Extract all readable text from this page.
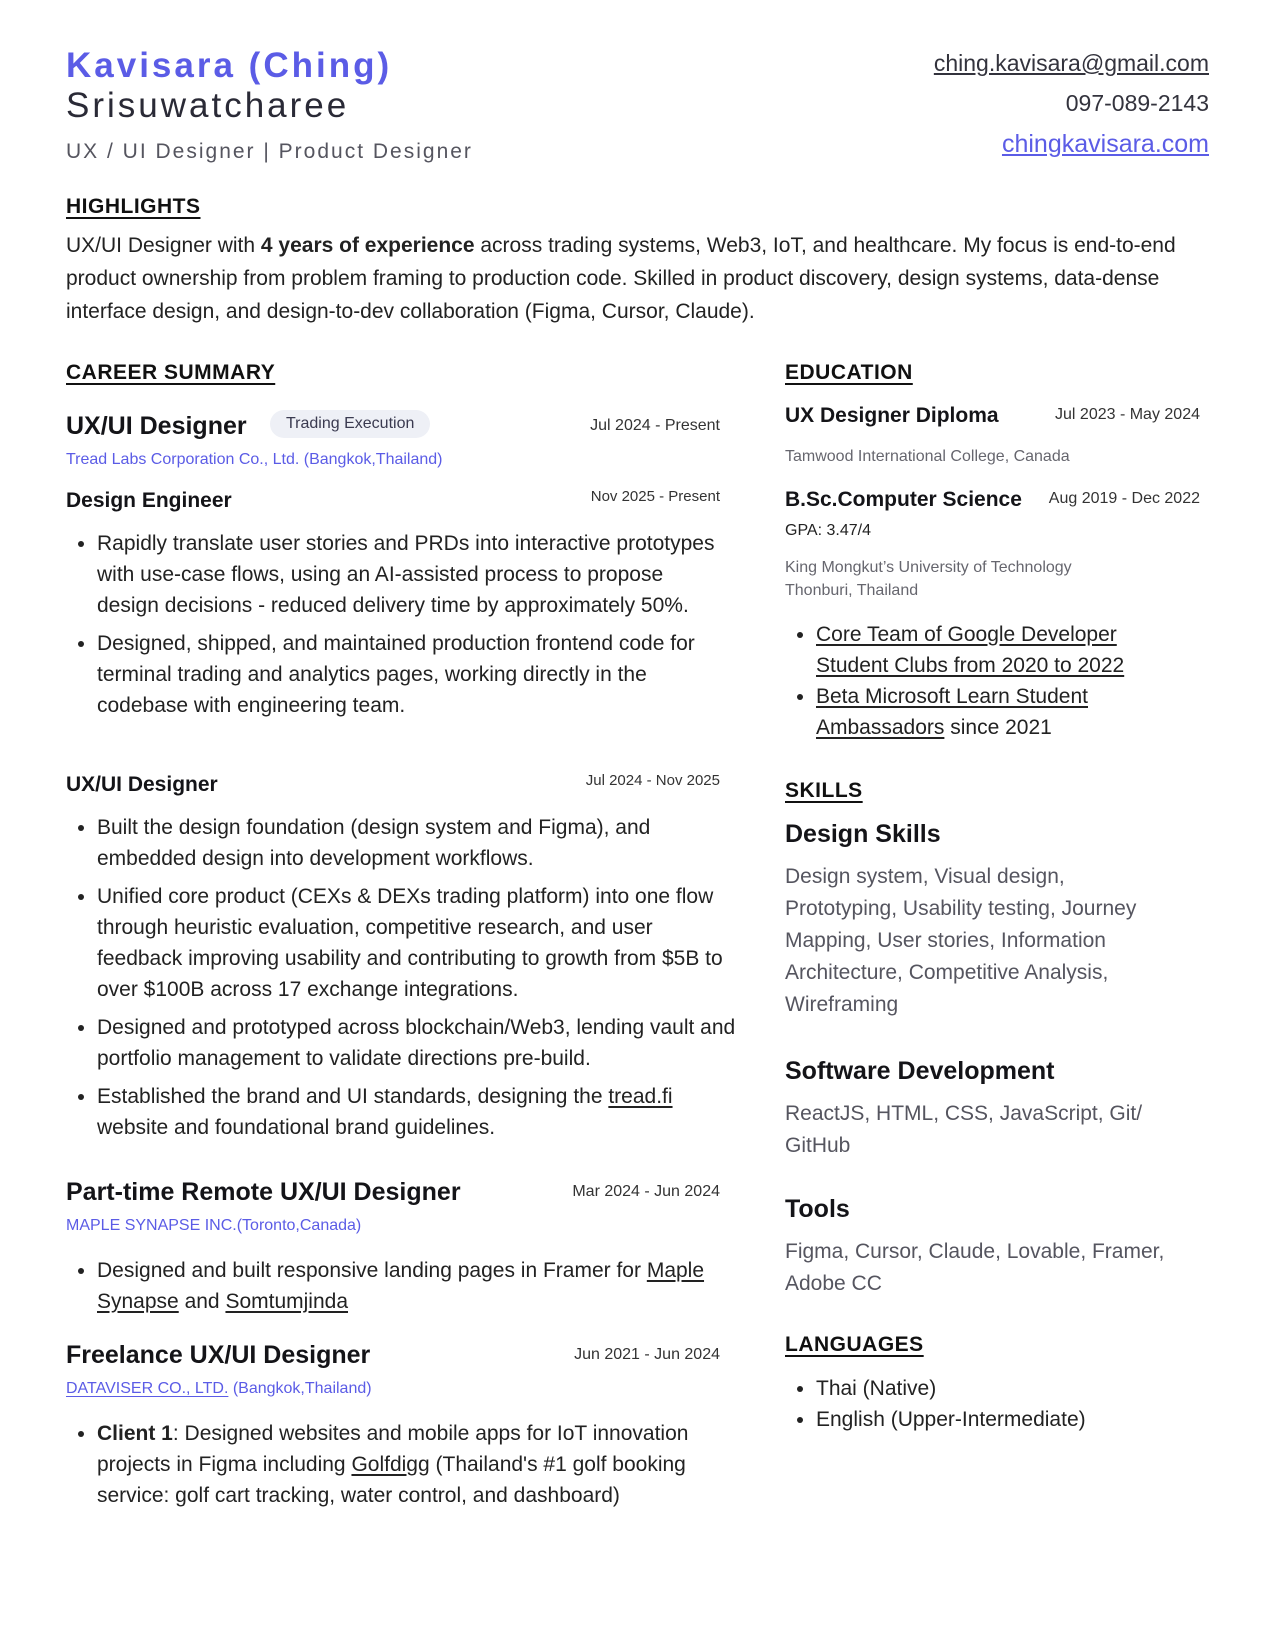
Kavisara (Ching)
Srisuwatcharee
UX / UI Designer | Product Designer
ching.kavisara@gmail.com
097-089-2143
chingkavisara.com
HIGHLIGHTS
UX/UI Designer with 4 years of experience across trading systems, Web3, IoT, and healthcare. My focus is end-to-end product ownership from problem framing to production code. Skilled in product discovery, design systems, data-dense interface design, and design-to-dev collaboration (Figma, Cursor, Claude).
CAREER SUMMARY
UX/UI Designer	Trading Execution	Jul 2024 - Present
Tread Labs Corporation Co., Ltd. (Bangkok,Thailand)
Design Engineer	Nov 2025 - Present
• Rapidly translate user stories and PRDs into interactive prototypes with use-case flows, using an AI-assisted process to propose design decisions - reduced delivery time by approximately 50%.
• Designed, shipped, and maintained production frontend code for terminal trading and analytics pages, working directly in the codebase with engineering team.
UX/UI Designer	Jul 2024 - Nov 2025
• Built the design foundation (design system and Figma), and embedded design into development workflows.
• Unified core product (CEXs & DEXs trading platform) into one flow through heuristic evaluation, competitive research, and user feedback improving usability and contributing to growth from $5B to over $100B across 17 exchange integrations.
• Designed and prototyped across blockchain/Web3, lending vault and portfolio management to validate directions pre-build.
• Established the brand and UI standards, designing the tread.fi website and foundational brand guidelines.
Part-time Remote UX/UI Designer	Mar 2024 - Jun 2024
MAPLE SYNAPSE INC.(Toronto,Canada)
• Designed and built responsive landing pages in Framer for Maple Synapse and Somtumjinda
Freelance UX/UI Designer	Jun 2021 - Jun 2024
DATAVISER CO., LTD. (Bangkok,Thailand)
• Client 1: Designed websites and mobile apps for IoT innovation projects in Figma including Golfdigg (Thailand's #1 golf booking service: golf cart tracking, water control, and dashboard)
EDUCATION
UX Designer Diploma	Jul 2023 - May 2024
Tamwood International College, Canada
B.Sc.Computer Science Aug 2019 - Dec 2022
GPA: 3.47/4
King Mongkut’s University of Technology
Thonburi, Thailand
• Core Team of Google Developer Student Clubs from 2020 to 2022
• Beta Microsoft Learn Student Ambassadors since 2021
SKILLS
Design Skills
Design system, Visual design, Prototyping, Usability testing, Journey Mapping, User stories, Information Architecture, Competitive Analysis, Wireframing
Software Development
ReactJS, HTML, CSS, JavaScript, Git/ GitHub
Tools
Figma, Cursor, Claude, Lovable, Framer, Adobe CC
LANGUAGES
• Thai (Native)
• English (Upper-Intermediate)
